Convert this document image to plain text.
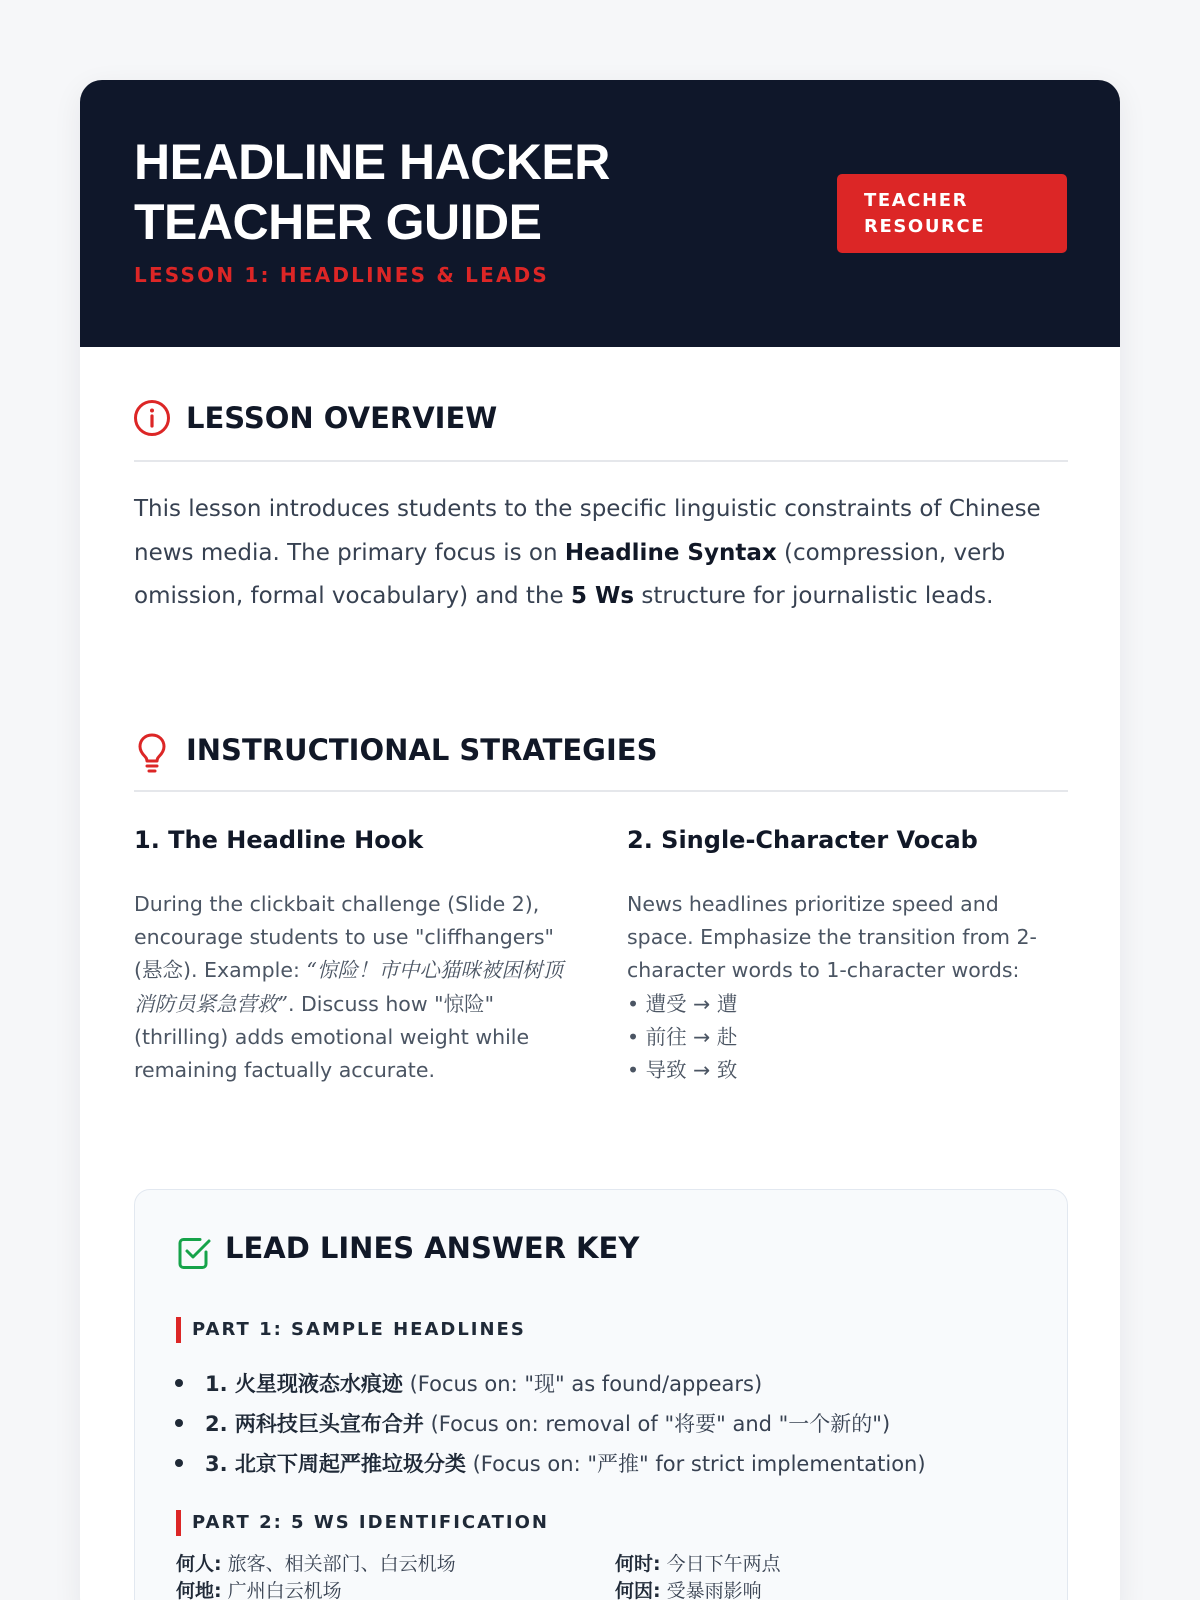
HEADLINE HACKER
TEACHER GUIDE
LESSON 1: HEADLINES & LEADS
TEACHER
RESOURCE
LESSON OVERVIEW
This lesson introduces students to the specific linguistic constraints of Chinese news media. The primary focus is on Headline Syntax (compression, verb omission, formal vocabulary) and the 5 Ws structure for journalistic leads.
INSTRUCTIONAL STRATEGIES
1. The Headline Hook
During the clickbait challenge (Slide 2), encourage students to use "cliffhangers" (悬念). Example: “惊险！市中心猫咪被困树顶 消防员紧急营救”. Discuss how "惊险" (thrilling) adds emotional weight while remaining factually accurate.
2. Single-Character Vocab
News headlines prioritize speed and space. Emphasize the transition from 2-character words to 1-character words:
• 遭受 → 遭
• 前往 → 赴
• 导致 → 致
LEAD LINES ANSWER KEY
PART 1: SAMPLE HEADLINES
1. 火星现液态水痕迹 (Focus on: "现" as found/appears)
2. 两科技巨头宣布合并 (Focus on: removal of "将要" and "一个新的")
3. 北京下周起严推垃圾分类 (Focus on: "严推" for strict implementation)
PART 2: 5 WS IDENTIFICATION
何人: 旅客、相关部门、白云机场	何时: 今日下午两点
何地: 广州白云机场	何因: 受暴雨影响
